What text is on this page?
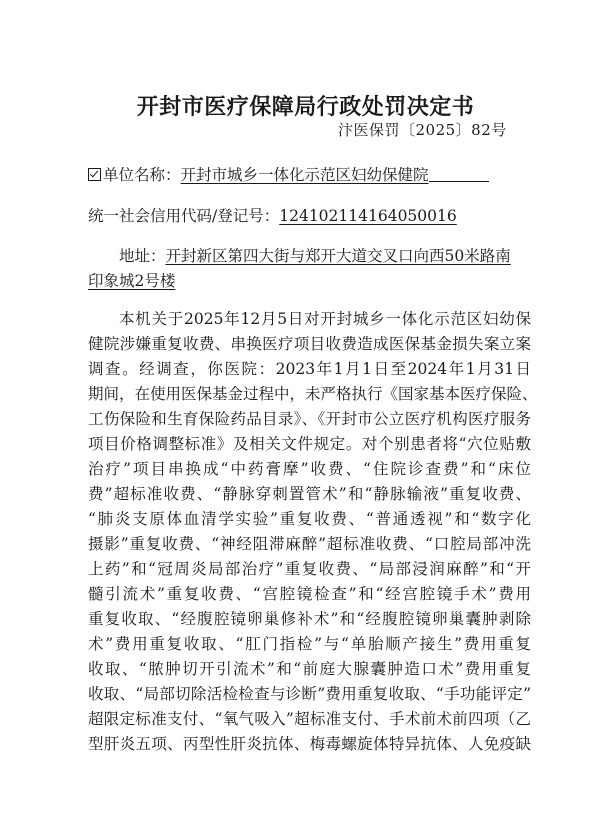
开封市医疗保障局行政处罚决定书
汴医保罚〔2025〕82号
单位名称：开封市城乡一体化示范区妇幼保健院
统一社会信用代码/登记号：124102114164050016
地址：开封新区第四大街与郑开大道交叉口向西50米路南
印象城2号楼
本机关于2025年12月5日对开封城乡一体化示范区妇幼保
健院涉嫌重复收费、串换医疗项目收费造成医保基金损失案立案
调查。经调查，你医院：2023年1月1日至2024年1月31日
期间，在使用医保基金过程中，未严格执行《国家基本医疗保险、
工伤保险和生育保险药品目录》、《开封市公立医疗机构医疗服务
项目价格调整标准》及相关文件规定。对个别患者将“穴位贴敷
治疗”项目串换成“中药膏摩”收费、“住院诊查费”和“床位
费”超标准收费、“静脉穿刺置管术”和“静脉输液”重复收费、
“肺炎支原体血清学实验”重复收费、“普通透视”和“数字化
摄影”重复收费、“神经阻滞麻醉”超标准收费、“口腔局部冲洗
上药”和“冠周炎局部治疗”重复收费、“局部浸润麻醉”和“开
髓引流术”重复收费、“宫腔镜检查”和“经宫腔镜手术”费用
重复收取、“经腹腔镜卵巢修补术”和“经腹腔镜卵巢囊肿剥除
术”费用重复收取、“肛门指检”与“单胎顺产接生”费用重复
收取、“脓肿切开引流术”和“前庭大腺囊肿造口术”费用重复
收取、“局部切除活检检查与诊断”费用重复收取、“手功能评定”
超限定标准支付、“氧气吸入”超标准支付、手术前术前四项（乙
型肝炎五项、丙型性肝炎抗体、梅毒螺旋体特异抗体、人免疫缺
